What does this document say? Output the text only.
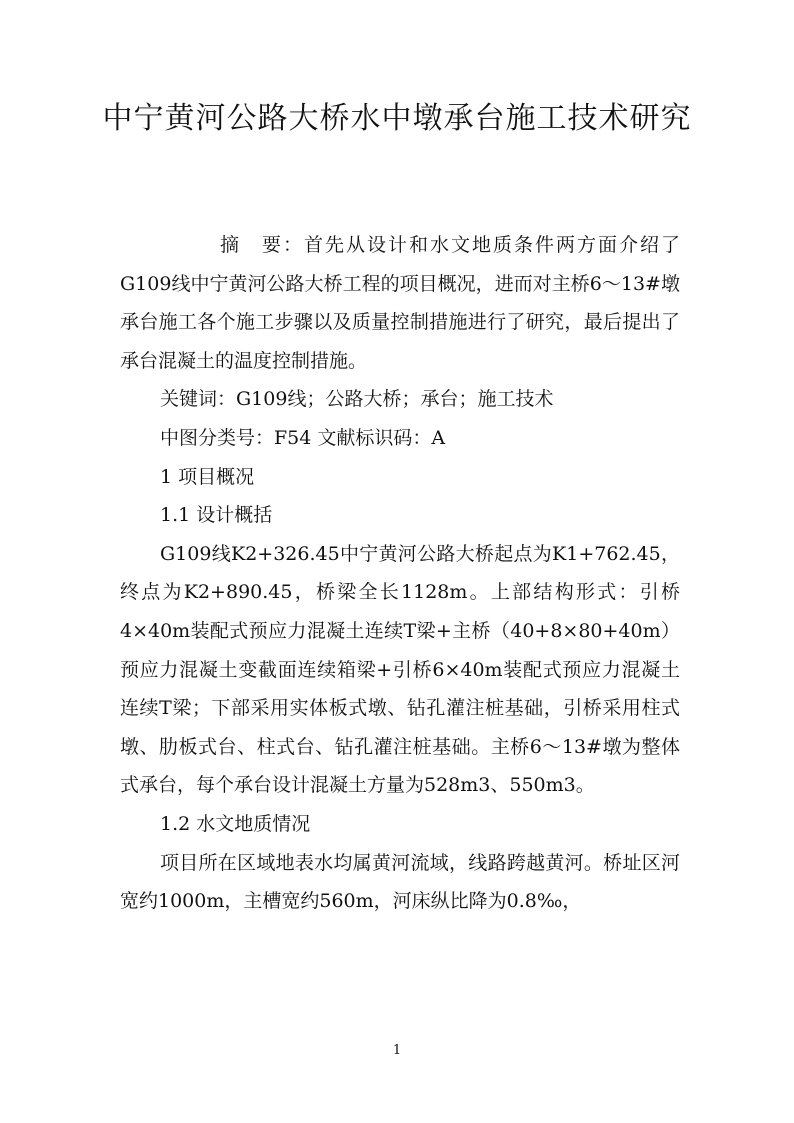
中宁黄河公路大桥水中墩承台施工技术研究

摘　要：首先从设计和水文地质条件两方面介绍了G109线中宁黄河公路大桥工程的项目概况，进而对主桥6～13#墩承台施工各个施工步骤以及质量控制措施进行了研究，最后提出了承台混凝土的温度控制措施。

关键词：G109线；公路大桥；承台；施工技术

中图分类号：F54 文献标识码：A

1 项目概况

1.1 设计概括

G109线K2+326.45中宁黄河公路大桥起点为K1+762.45，终点为K2+890.45，桥梁全长1128m。上部结构形式：引桥4×40m装配式预应力混凝土连续T梁+主桥（40+8×80+40m）预应力混凝土变截面连续箱梁+引桥6×40m装配式预应力混凝土连续T梁；下部采用实体板式墩、钻孔灌注桩基础，引桥采用柱式墩、肋板式台、柱式台、钻孔灌注桩基础。主桥6～13#墩为整体式承台，每个承台设计混凝土方量为528m3、550m3。

1.2 水文地质情况

项目所在区域地表水均属黄河流域，线路跨越黄河。桥址区河宽约1000m，主槽宽约560m，河床纵比降为0.8‰，

1
